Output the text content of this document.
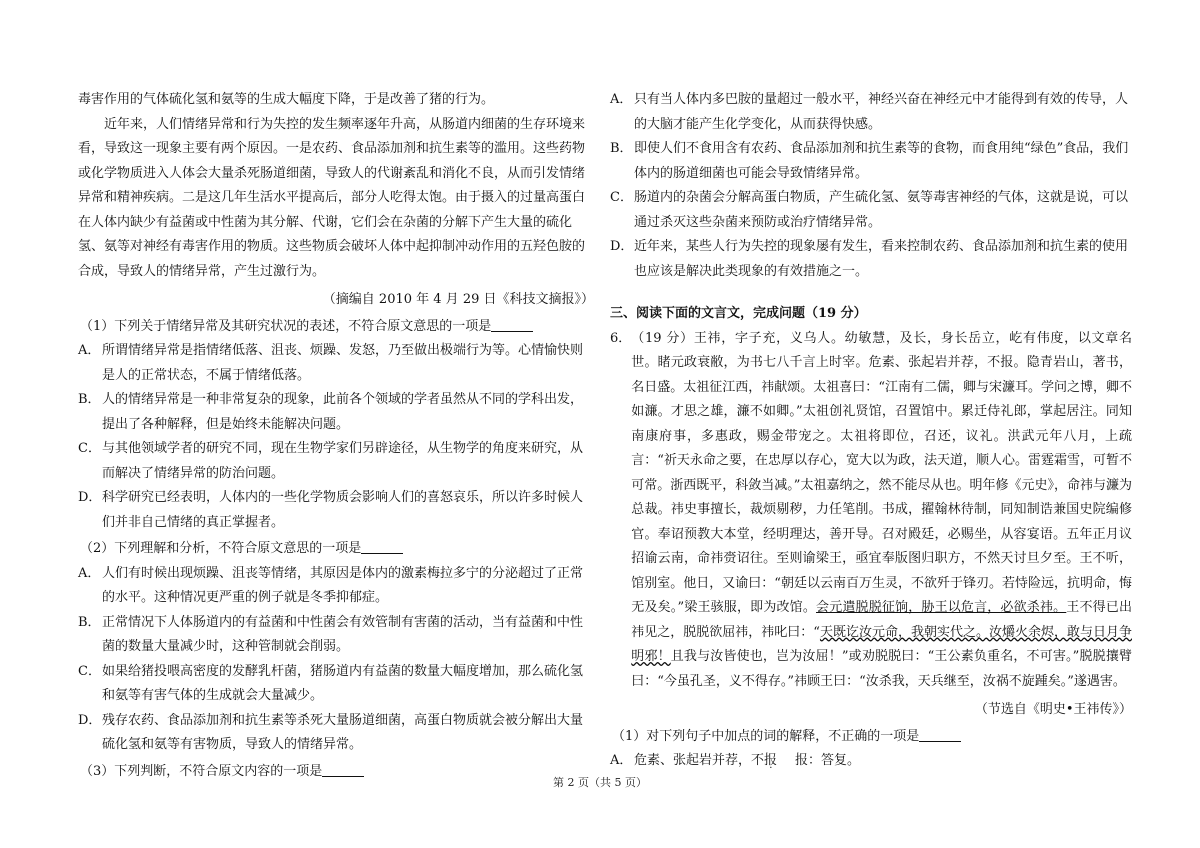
毒害作用的气体硫化氢和氨等的生成大幅度下降，于是改善了猪的行为。

近年来，人们情绪异常和行为失控的发生频率逐年升高，从肠道内细菌的生存环境来看，导致这一现象主要有两个原因。一是农药、食品添加剂和抗生素等的滥用。这些药物或化学物质进入人体会大量杀死肠道细菌，导致人的代谢紊乱和消化不良，从而引发情绪异常和精神疾病。二是这几年生活水平提高后，部分人吃得太饱。由于摄入的过量高蛋白在人体内缺少有益菌或中性菌为其分解、代谢，它们会在杂菌的分解下产生大量的硫化氢、氨等对神经有毒害作用的物质。这些物质会破坏人体中起抑制冲动作用的五羟色胺的合成，导致人的情绪异常，产生过激行为。

（摘编自 2010 年 4 月 29 日《科技文摘报》）

（1）下列关于情绪异常及其研究状况的表述，不符合原文意思的一项是

A． 所谓情绪异常是指情绪低落、沮丧、烦躁、发怒，乃至做出极端行为等。心情愉快则是人的正常状态，不属于情绪低落。
B． 人的情绪异常是一种非常复杂的现象，此前各个领域的学者虽然从不同的学科出发，提出了各种解释，但是始终未能解决问题。
C． 与其他领域学者的研究不同，现在生物学家们另辟途径，从生物学的角度来研究，从而解决了情绪异常的防治问题。
D． 科学研究已经表明，人体内的一些化学物质会影响人们的喜怒哀乐，所以许多时候人们并非自己情绪的真正掌握者。

（2）下列理解和分析，不符合原文意思的一项是

A． 人们有时候出现烦躁、沮丧等情绪，其原因是体内的激素梅拉多宁的分泌超过了正常的水平。这种情况更严重的例子就是冬季抑郁症。
B． 正常情况下人体肠道内的有益菌和中性菌会有效管制有害菌的活动，当有益菌和中性菌的数量大量减少时，这种管制就会削弱。
C． 如果给猪投喂高密度的发酵乳杆菌，猪肠道内有益菌的数量大幅度增加，那么硫化氢和氨等有害气体的生成就会大量减少。
D． 残存农药、食品添加剂和抗生素等杀死大量肠道细菌，高蛋白物质就会被分解出大量硫化氢和氨等有害物质，导致人的情绪异常。

（3）下列判断，不符合原文内容的一项是

A． 只有当人体内多巴胺的量超过一般水平，神经兴奋在神经元中才能得到有效的传导，人的大脑才能产生化学变化，从而获得快感。
B． 即使人们不食用含有农药、食品添加剂和抗生素等的食物，而食用纯“绿色”食品，我们体内的肠道细菌也可能会导致情绪异常。
C． 肠道内的杂菌会分解高蛋白物质，产生硫化氢、氨等毒害神经的气体，这就是说，可以通过杀灭这些杂菌来预防或治疗情绪异常。
D． 近年来，某些人行为失控的现象屡有发生，看来控制农药、食品添加剂和抗生素的使用也应该是解决此类现象的有效措施之一。

三、阅读下面的文言文，完成问题（19 分）

6． （19 分）王祎，字子充，义乌人。幼敏慧，及长，身长岳立，屹有伟度，以文章名世。睹元政衰敝，为书七八千言上时宰。危素、张起岩并荐，不报。隐青岩山，著书，名日盛。太祖征江西，祎献颂。太祖喜曰：“江南有二儒，卿与宋濂耳。学问之博，卿不如濂。才思之雄，濂不如卿。”太祖创礼贤馆，召置馆中。累迁侍礼郎，掌起居注。同知南康府事，多惠政，赐金带宠之。太祖将即位，召还，议礼。洪武元年八月，上疏言：“祈天永命之要，在忠厚以存心，宽大以为政，法天道，顺人心。雷霆霜雪，可暂不可常。浙西既平，科敛当减。”太祖嘉纳之，然不能尽从也。明年修《元史》，命祎与濂为总裁。祎史事擅长，裁烦剔秽，力任笔削。书成，擢翰林待制，同知制诰兼国史院编修官。奉诏预教大本堂，经明理达，善开导。召对殿廷，必赐坐，从容宴语。五年正月议招谕云南，命祎赍诏往。至则谕梁王，亟宜奉版图归职方，不然天讨旦夕至。王不听，馆别室。他日，又谕曰：“朝廷以云南百万生灵，不欲歼于锋刃。若恃险远，抗明命，悔无及矣。”梁王骇服，即为改馆。会元遣脱脱征饷，胁王以危言，必欲杀祎。王不得已出祎见之，脱脱欲屈祎，祎叱曰：“天既讫汝元命，我朝实代之。汝爝火余烬，敢与日月争明邪！且我与汝皆使也，岂为汝屈！”或劝脱脱曰：“王公素负重名，不可害。”脱脱攘臂曰：“今虽孔圣，义不得存。”祎顾王曰：“汝杀我，天兵继至，汝祸不旋踵矣。”遂遇害。

（节选自《明史•王祎传》）

（1）对下列句子中加点的词的解释，不正确的一项是

A． 危素、张起岩并荐，不报 报：答复。
第 2 页（共 5 页）
